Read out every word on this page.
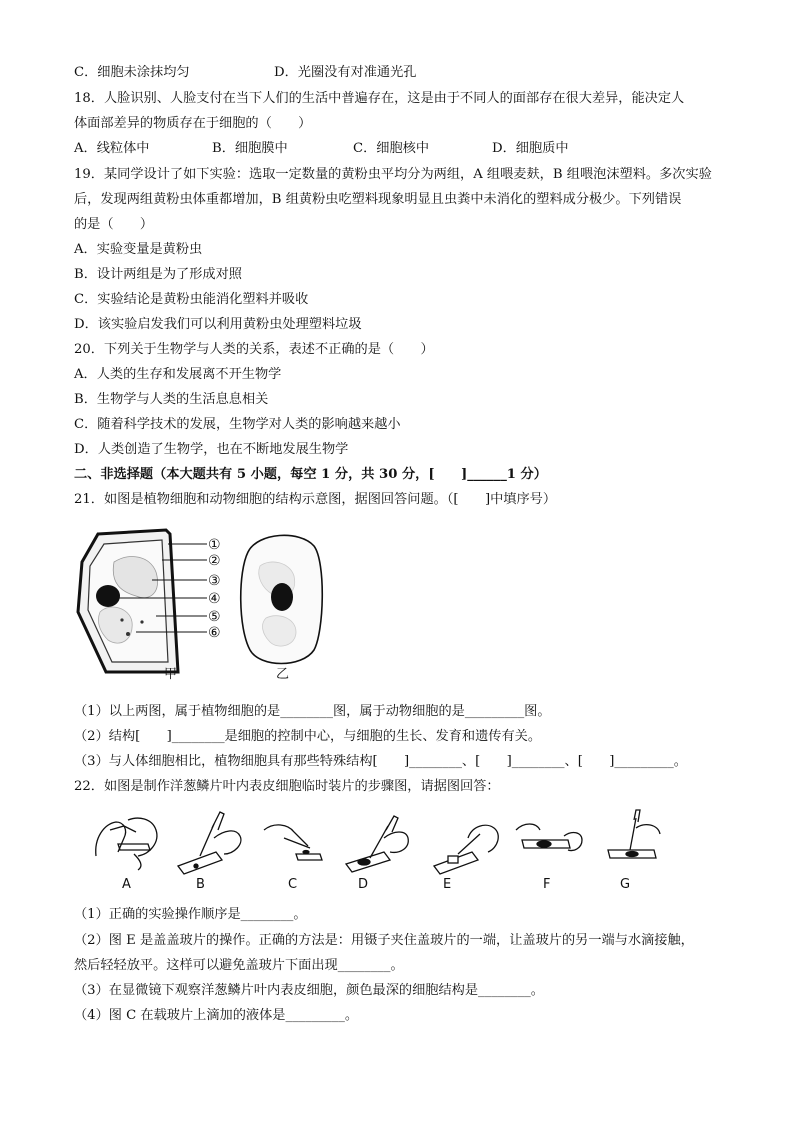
C．细胞未涂抹均匀	D．光圈没有对准通光孔
18．人脸识别、人脸支付在当下人们的生活中普遍存在，这是由于不同人的面部存在很大差异，能决定人
体面部差异的物质存在于细胞的（　　）
A．线粒体中	B．细胞膜中	C．细胞核中	D．细胞质中
19．某同学设计了如下实验：选取一定数量的黄粉虫平均分为两组，A 组喂麦麸，B 组喂泡沫塑料。多次实验
后，发现两组黄粉虫体重都增加，B 组黄粉虫吃塑料现象明显且虫粪中未消化的塑料成分极少。下列错误
的是（　　）
A．实验变量是黄粉虫
B．设计两组是为了形成对照
C．实验结论是黄粉虫能消化塑料并吸收
D．该实验启发我们可以利用黄粉虫处理塑料垃圾
20．下列关于生物学与人类的关系，表述不正确的是（　　）
A．人类的生存和发展离不开生物学
B．生物学与人类的生活息息相关
C．随着科学技术的发展，生物学对人类的影响越来越小
D．人类创造了生物学，也在不断地发展生物学
二、非选择题（本大题共有 5 小题，每空 1 分，共 30 分，[　　]______1 分）
21．如图是植物细胞和动物细胞的结构示意图，据图回答问题。（[　　]中填序号）
①
②
③
④
⑤
⑥
甲	乙
（1）以上两图，属于植物细胞的是________图，属于动物细胞的是_________图。
（2）结构[　　]________是细胞的控制中心，与细胞的生长、发育和遗传有关。
（3）与人体细胞相比，植物细胞具有那些特殊结构[　　]________、[　　]________、[　　]_________。
22．如图是制作洋葱鳞片叶内表皮细胞临时装片的步骤图，请据图回答：
A	B	C	D	E	F	G
（1）正确的实验操作顺序是________。
（2）图 E 是盖盖玻片的操作。正确的方法是：用镊子夹住盖玻片的一端，让盖玻片的另一端与水滴接触，
然后轻轻放平。这样可以避免盖玻片下面出现________。
（3）在显微镜下观察洋葱鳞片叶内表皮细胞，颜色最深的细胞结构是________。
（4）图 C 在载玻片上滴加的液体是_________。
